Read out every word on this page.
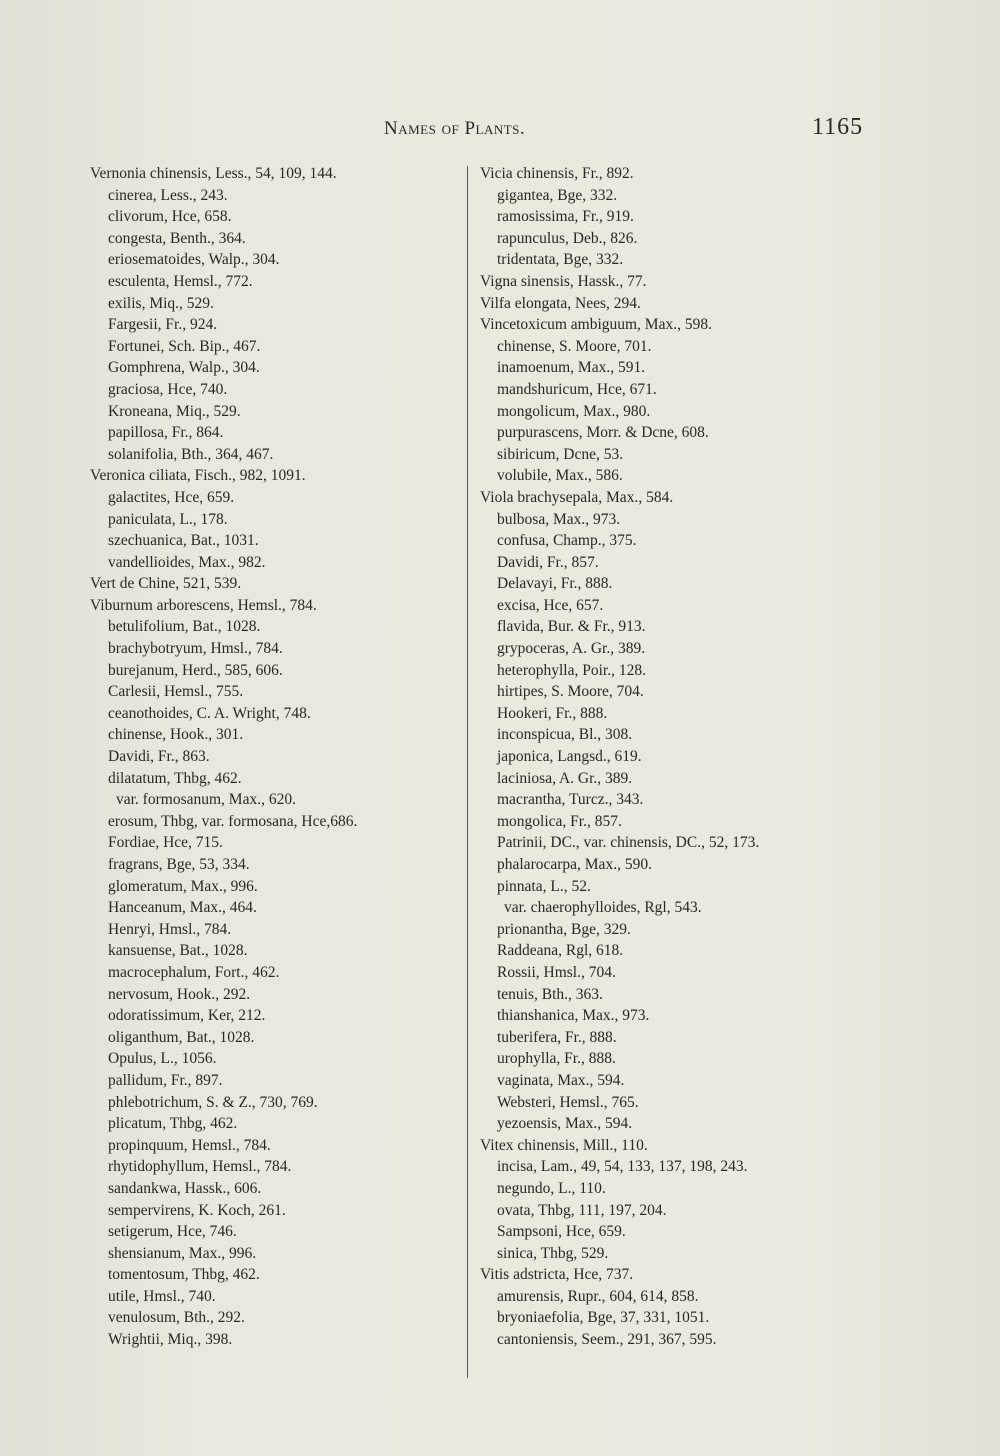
Names of Plants.	1165
Vernonia chinensis, Less., 54, 109, 144.
cinerea, Less., 243.
clivorum, Hce, 658.
congesta, Benth., 364.
eriosematoides, Walp., 304.
esculenta, Hemsl., 772.
exilis, Miq., 529.
Fargesii, Fr., 924.
Fortunei, Sch. Bip., 467.
Gomphrena, Walp., 304.
graciosa, Hce, 740.
Kroneana, Miq., 529.
papillosa, Fr., 864.
solanifolia, Bth., 364, 467.
Veronica ciliata, Fisch., 982, 1091.
galactites, Hce, 659.
paniculata, L., 178.
szechuanica, Bat., 1031.
vandellioides, Max., 982.
Vert de Chine, 521, 539.
Viburnum arborescens, Hemsl., 784.
betulifolium, Bat., 1028.
brachybotryum, Hmsl., 784.
burejanum, Herd., 585, 606.
Carlesii, Hemsl., 755.
ceanothoides, C. A. Wright, 748.
chinense, Hook., 301.
Davidi, Fr., 863.
dilatatum, Thbg, 462.
var. formosanum, Max., 620.
erosum, Thbg, var. formosana, Hce,686.
Fordiae, Hce, 715.
fragrans, Bge, 53, 334.
glomeratum, Max., 996.
Hanceanum, Max., 464.
Henryi, Hmsl., 784.
kansuense, Bat., 1028.
macrocephalum, Fort., 462.
nervosum, Hook., 292.
odoratissimum, Ker, 212.
oliganthum, Bat., 1028.
Opulus, L., 1056.
pallidum, Fr., 897.
phlebotrichum, S. & Z., 730, 769.
plicatum, Thbg, 462.
propinquum, Hemsl., 784.
rhytidophyllum, Hemsl., 784.
sandankwa, Hassk., 606.
sempervirens, K. Koch, 261.
setigerum, Hce, 746.
shensianum, Max., 996.
tomentosum, Thbg, 462.
utile, Hmsl., 740.
venulosum, Bth., 292.
Wrightii, Miq., 398.
Vicia chinensis, Fr., 892.
gigantea, Bge, 332.
ramosissima, Fr., 919.
rapunculus, Deb., 826.
tridentata, Bge, 332.
Vigna sinensis, Hassk., 77.
Vilfa elongata, Nees, 294.
Vincetoxicum ambiguum, Max., 598.
chinense, S. Moore, 701.
inamoenum, Max., 591.
mandshuricum, Hce, 671.
mongolicum, Max., 980.
purpurascens, Morr. & Dcne, 608.
sibiricum, Dcne, 53.
volubile, Max., 586.
Viola brachysepala, Max., 584.
bulbosa, Max., 973.
confusa, Champ., 375.
Davidi, Fr., 857.
Delavayi, Fr., 888.
excisa, Hce, 657.
flavida, Bur. & Fr., 913.
grypoceras, A. Gr., 389.
heterophylla, Poir., 128.
hirtipes, S. Moore, 704.
Hookeri, Fr., 888.
inconspicua, Bl., 308.
japonica, Langsd., 619.
laciniosa, A. Gr., 389.
macrantha, Turcz., 343.
mongolica, Fr., 857.
Patrinii, DC., var. chinensis, DC., 52, 173.
phalarocarpa, Max., 590.
pinnata, L., 52.
var. chaerophylloides, Rgl, 543.
prionantha, Bge, 329.
Raddeana, Rgl, 618.
Rossii, Hmsl., 704.
tenuis, Bth., 363.
thianshanica, Max., 973.
tuberifera, Fr., 888.
urophylla, Fr., 888.
vaginata, Max., 594.
Websteri, Hemsl., 765.
yezoensis, Max., 594.
Vitex chinensis, Mill., 110.
incisa, Lam., 49, 54, 133, 137, 198, 243.
negundo, L., 110.
ovata, Thbg, 111, 197, 204.
Sampsoni, Hce, 659.
sinica, Thbg, 529.
Vitis adstricta, Hce, 737.
amurensis, Rupr., 604, 614, 858.
bryoniaefolia, Bge, 37, 331, 1051.
cantoniensis, Seem., 291, 367, 595.
